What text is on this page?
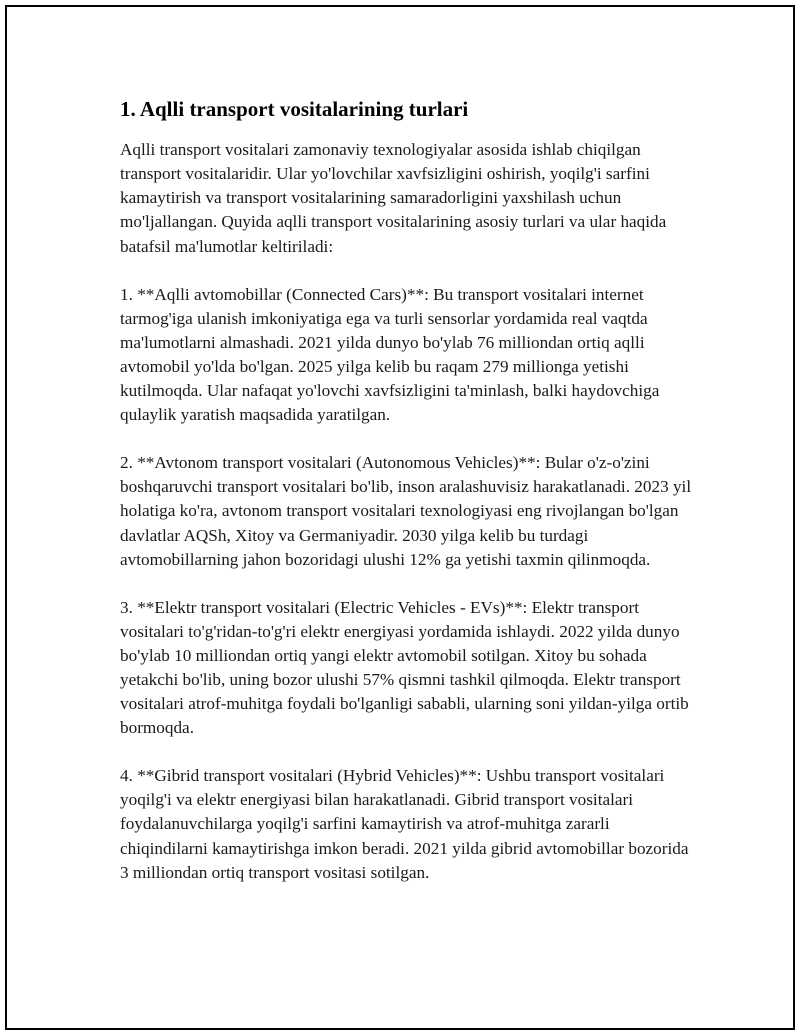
1. Aqlli transport vositalarining turlari

Aqlli transport vositalari zamonaviy texnologiyalar asosida ishlab chiqilgan transport vositalaridir. Ular yo'lovchilar xavfsizligini oshirish, yoqilg'i sarfini kamaytirish va transport vositalarining samaradorligini yaxshilash uchun mo'ljallangan. Quyida aqlli transport vositalarining asosiy turlari va ular haqida batafsil ma'lumotlar keltiriladi:

1. **Aqlli avtomobillar (Connected Cars)**: Bu transport vositalari internet tarmog'iga ulanish imkoniyatiga ega va turli sensorlar yordamida real vaqtda ma'lumotlarni almashadi. 2021 yilda dunyo bo'ylab 76 milliondan ortiq aqlli avtomobil yo'lda bo'lgan. 2025 yilga kelib bu raqam 279 millionga yetishi kutilmoqda. Ular nafaqat yo'lovchi xavfsizligini ta'minlash, balki haydovchiga qulaylik yaratish maqsadida yaratilgan.

2. **Avtonom transport vositalari (Autonomous Vehicles)**: Bular o'z-o'zini boshqaruvchi transport vositalari bo'lib, inson aralashuvisiz harakatlanadi. 2023 yil holatiga ko'ra, avtonom transport vositalari texnologiyasi eng rivojlangan bo'lgan davlatlar AQSh, Xitoy va Germaniyadir. 2030 yilga kelib bu turdagi avtomobillarning jahon bozoridagi ulushi 12% ga yetishi taxmin qilinmoqda.

3. **Elektr transport vositalari (Electric Vehicles - EVs)**: Elektr transport vositalari to'g'ridan-to'g'ri elektr energiyasi yordamida ishlaydi. 2022 yilda dunyo bo'ylab 10 milliondan ortiq yangi elektr avtomobil sotilgan. Xitoy bu sohada yetakchi bo'lib, uning bozor ulushi 57% qismni tashkil qilmoqda. Elektr transport vositalari atrof-muhitga foydali bo'lganligi sababli, ularning soni yildan-yilga ortib bormoqda.

4. **Gibrid transport vositalari (Hybrid Vehicles)**: Ushbu transport vositalari yoqilg'i va elektr energiyasi bilan harakatlanadi. Gibrid transport vositalari foydalanuvchilarga yoqilg'i sarfini kamaytirish va atrof-muhitga zararli chiqindilarni kamaytirishga imkon beradi. 2021 yilda gibrid avtomobillar bozorida 3 milliondan ortiq transport vositasi sotilgan.
